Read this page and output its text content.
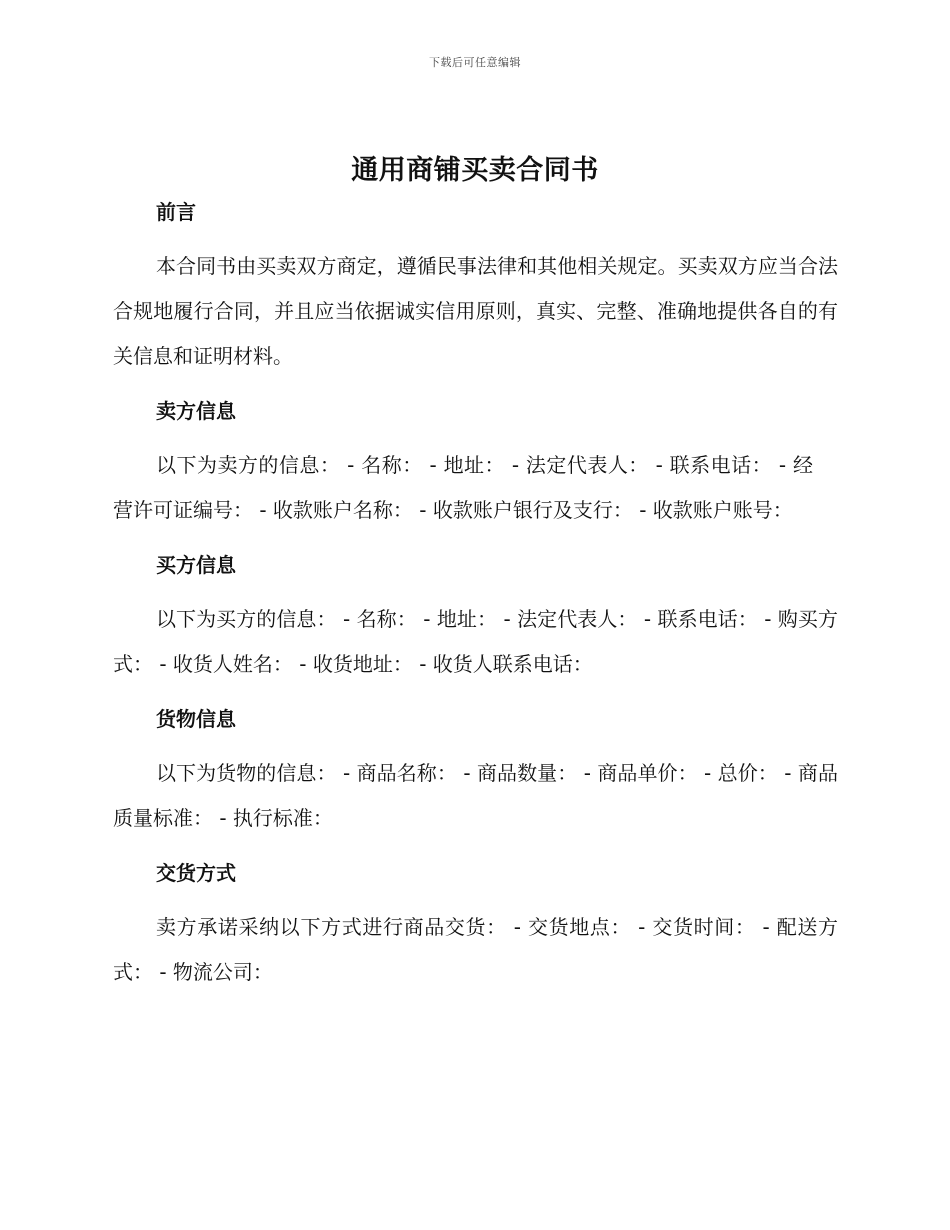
下载后可任意编辑
通用商铺买卖合同书
前言

本合同书由买卖双方商定，遵循民事法律和其他相关规定。买卖双方应当合法合规地履行合同，并且应当依据诚实信用原则，真实、完整、准确地提供各自的有关信息和证明材料。

卖方信息

以下为卖方的信息： - 名称： - 地址： - 法定代表人： - 联系电话： - 经营许可证编号： - 收款账户名称： - 收款账户银行及支行： - 收款账户账号：

买方信息

以下为买方的信息： - 名称： - 地址： - 法定代表人： - 联系电话： - 购买方式： - 收货人姓名： - 收货地址： - 收货人联系电话：

货物信息

以下为货物的信息： - 商品名称： - 商品数量： - 商品单价： - 总价： - 商品质量标准： - 执行标准：

交货方式

卖方承诺采纳以下方式进行商品交货： - 交货地点： - 交货时间： - 配送方式： - 物流公司：
